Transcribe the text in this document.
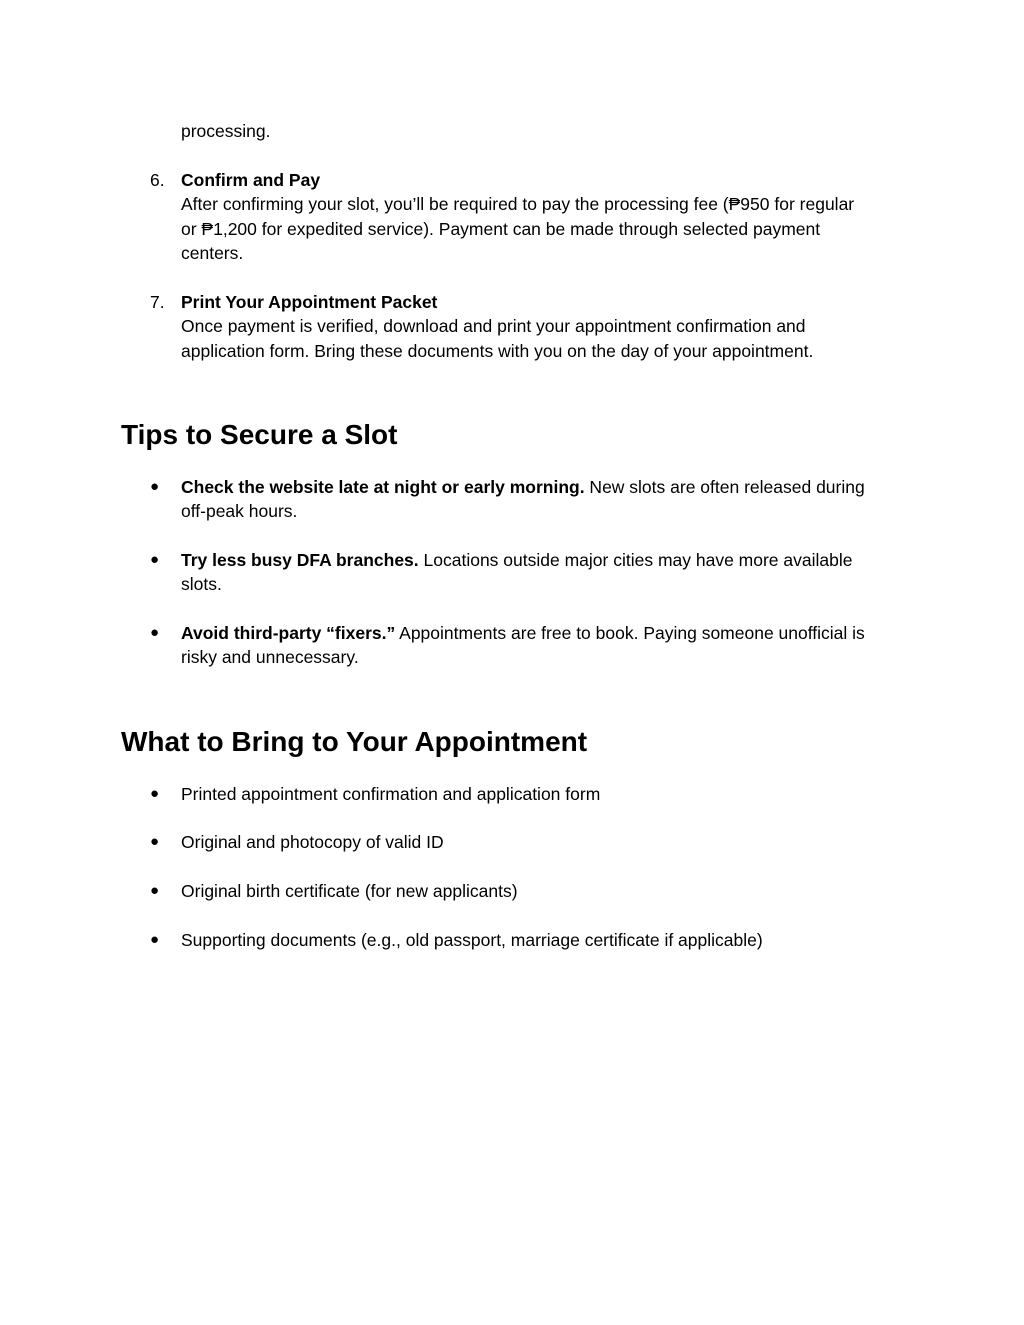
processing.
6. Confirm and Pay
After confirming your slot, you’ll be required to pay the processing fee (₱950 for regular
or ₱1,200 for expedited service). Payment can be made through selected payment
centers.
7. Print Your Appointment Packet
Once payment is verified, download and print your appointment confirmation and
application form. Bring these documents with you on the day of your appointment.
Tips to Secure a Slot
● Check the website late at night or early morning. New slots are often released during
off-peak hours.
● Try less busy DFA branches. Locations outside major cities may have more available
slots.
● Avoid third-party “fixers.” Appointments are free to book. Paying someone unofficial is
risky and unnecessary.
What to Bring to Your Appointment
● Printed appointment confirmation and application form
● Original and photocopy of valid ID
● Original birth certificate (for new applicants)
● Supporting documents (e.g., old passport, marriage certificate if applicable)
